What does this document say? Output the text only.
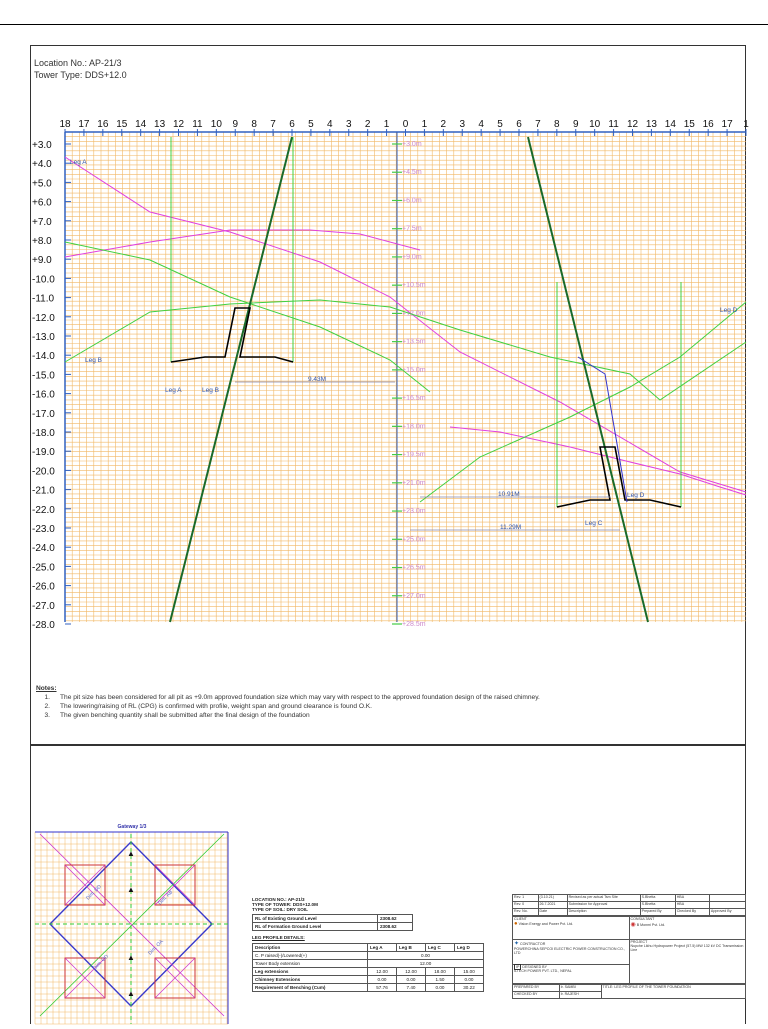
Location No.: AP-21/3
Tower Type: DDS+12.0
18 17 16 15 14 13 12 11 10 9 8 7 6 5 4 3 2 1 0 1 2 3 4 5 6 7 8 9 10 11 12 13 14 15 16 17 1
+3.0
+4.0
+5.0
+6.0
+7.0
+8.0
+9.0
-10.0
-11.0
-12.0
-13.0
-14.0
-15.0
-16.0
-17.0
-18.0
-19.0
-20.0
-21.0
-22.0
-23.0
-24.0
-25.0
-26.0
-27.0
-28.0
+3.0m
+4.5m
+6.0m
+7.5m
+9.0m
+10.5m
+12.0m
+13.5m
+15.0m
+16.5m
+18.0m
+19.5m
+21.0m
+23.0m
+25.0m
+26.5m
+27.0m
+28.5m
9.43M
10.91M
11.29M
Leg A
Leg B
Leg A	Leg B
Leg D
Leg D
Leg C
Notes:
1. The pit size has been considered for all pit as +9.0m approved foundation size which may vary with respect to the approved foundation design of the raised chimney.
2. The lowering/raising of RL (CPG) is confirmed with profile, weight span and ground clearance is found O.K.
3. The given benching quantity shall be submitted after the final design of the foundation
Gateway 1/3
▲
▲
▲
▲
Dim. DD	Dim. AB
Dim. OD
Dim. OA
LOCATION NO.: AP-21/3
TYPE OF TOWER: DDS+12.0M
TYPE OF SOIL: DRY SOIL
RL of Existing Ground Level	2308.62
RL of Formation Ground Level	2308.62
LEG PROFILE DETAILS:
Description	Leg A	Leg B	Leg C	Leg D
C. P raised(-)/Lowered(+)	0.00			
Tower Body extension	12.00			
Leg extensions	12.00	12.00	18.00	15.00
Chimney Extensions	0.00	0.00	1.50	0.00
Requirement of Benching (Cum)	57.76	7.40	0.00	30.22
Rev. 1	(3.10.21)	Revised as per actual Tsm Site	S.Bhetta	HBA	
Rev. 0	26.7.2021	Submission for Approval	S.Bhetta	HBA	
Rev. No.	Date	Description	Prepared By	Checked By	Approved By
CLIENT
● Vision Energy and Power Pvt. Ltd.	CONSULTANT
◉ B Monmi Pvt. Ltd.
✦ CONTRACTOR
POWERCHINA SEPCOI ELECTRIC POWER CONSTRUCTION CO., LTD	PROJECT
Nupche Likhu Hydropower Project (57.5) MW 132 kV DC Transmission Line
IP DESIGNED BY
ILTECH POWER PVT. LTD., NEPAL	
PREPARED BY	Ir. SAMBI	TITLE: LEG PROFILE OF THE TOWER FOUNDATION
CHECKED BY	Ir. RAJESH	
